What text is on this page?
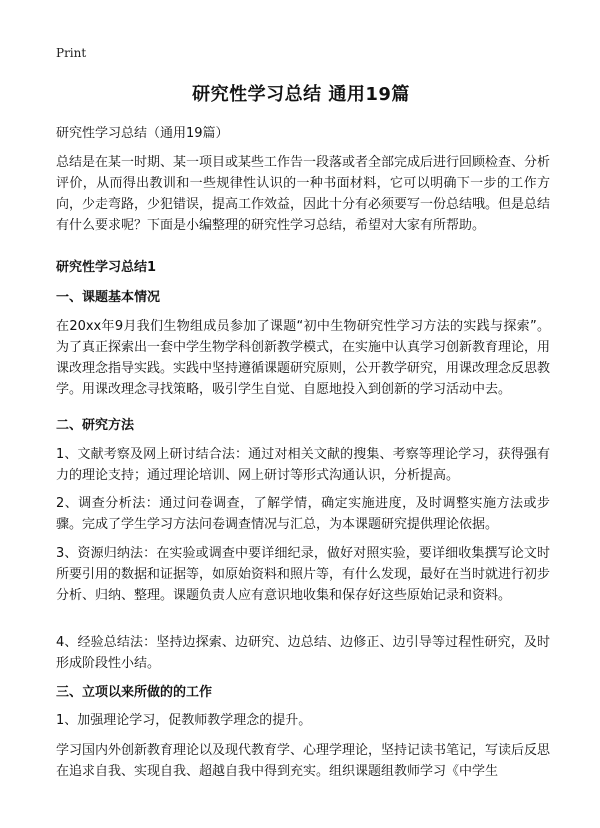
Print
研究性学习总结 通用19篇
研究性学习总结（通用19篇）
总结是在某一时期、某一项目或某些工作告一段落或者全部完成后进行回顾检查、分析评价，从而得出教训和一些规律性认识的一种书面材料，它可以明确下一步的工作方向，少走弯路，少犯错误，提高工作效益，因此十分有必须要写一份总结哦。但是总结有什么要求呢？下面是小编整理的研究性学习总结，希望对大家有所帮助。
研究性学习总结1
一、课题基本情况
在20xx年9月我们生物组成员参加了课题“初中生物研究性学习方法的实践与探索”。为了真正探索出一套中学生物学科创新教学模式，在实施中认真学习创新教育理论，用课改理念指导实践。实践中坚持遵循课题研究原则，公开教学研究，用课改理念反思教学。用课改理念寻找策略，吸引学生自觉、自愿地投入到创新的学习活动中去。
二、研究方法
1、文献考察及网上研讨结合法：通过对相关文献的搜集、考察等理论学习，获得强有力的理论支持；通过理论培训、网上研讨等形式沟通认识，分析提高。
2、调查分析法：通过问卷调查，了解学情，确定实施进度，及时调整实施方法或步骤。完成了学生学习方法问卷调查情况与汇总，为本课题研究提供理论依据。
3、资源归纳法：在实验或调查中要详细纪录，做好对照实验，要详细收集撰写论文时所要引用的数据和证据等，如原始资料和照片等，有什么发现，最好在当时就进行初步分析、归纳、整理。课题负责人应有意识地收集和保存好这些原始记录和资料。
4、经验总结法：坚持边探索、边研究、边总结、边修正、边引导等过程性研究，及时形成阶段性小结。
三、立项以来所做的的工作
1、加强理论学习，促教师教学理念的提升。
学习国内外创新教育理论以及现代教育学、心理学理论，坚持记读书笔记，写读后反思在追求自我、实现自我、超越自我中得到充实。组织课题组教师学习《中学生
